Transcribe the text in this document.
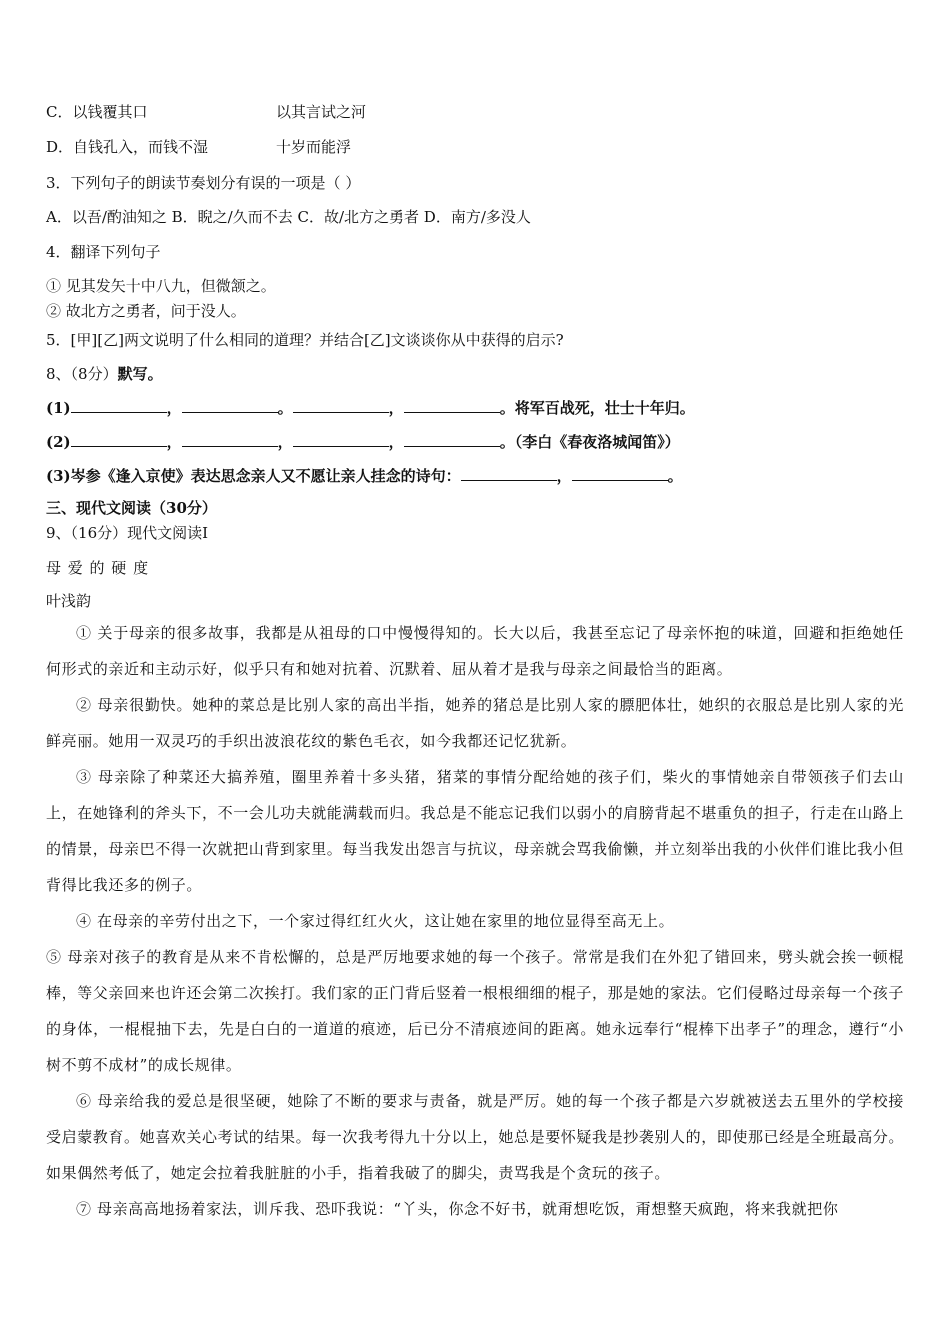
C．以钱覆其口	以其言试之河
D．自钱孔入，而钱不湿	十岁而能浮
3．下列句子的朗读节奏划分有误的一项是（ ）
A．以吾/酌油知之 B．睨之/久而不去 C．故/北方之勇者 D．南方/多没人
4．翻译下列句子
① 见其发矢十中八九，但微颔之。
② 故北方之勇者，问于没人。
5．[甲][乙]两文说明了什么相同的道理？并结合[乙]文谈谈你从中获得的启示?
8、（8分）默写。
(1)	，	。	，	。将军百战死，壮士十年归。
(2)	，	，	，	。（李白《春夜洛城闻笛》）
(3)岑参《逢入京使》表达思念亲人又不愿让亲人挂念的诗句：	，	。
三、现代文阅读（30分）
9、（16分）现代文阅读Ⅰ
母 爱 的 硬 度
叶浅韵
① 关于母亲的很多故事，我都是从祖母的口中慢慢得知的。长大以后，我甚至忘记了母亲怀抱的味道，回避和拒绝她任何形式的亲近和主动示好，似乎只有和她对抗着、沉默着、屈从着才是我与母亲之间最恰当的距离。
② 母亲很勤快。她种的菜总是比别人家的高出半指，她养的猪总是比别人家的膘肥体壮，她织的衣服总是比别人家的光鲜亮丽。她用一双灵巧的手织出波浪花纹的紫色毛衣，如今我都还记忆犹新。
③ 母亲除了种菜还大搞养殖，圈里养着十多头猪，猪菜的事情分配给她的孩子们，柴火的事情她亲自带领孩子们去山上，在她锋利的斧头下，不一会儿功夫就能满载而归。我总是不能忘记我们以弱小的肩膀背起不堪重负的担子，行走在山路上的情景，母亲巴不得一次就把山背到家里。每当我发出怨言与抗议，母亲就会骂我偷懒，并立刻举出我的小伙伴们谁比我小但背得比我还多的例子。
④ 在母亲的辛劳付出之下，一个家过得红红火火，这让她在家里的地位显得至高无上。
⑤ 母亲对孩子的教育是从来不肯松懈的，总是严厉地要求她的每一个孩子。常常是我们在外犯了错回来，劈头就会挨一顿棍棒，等父亲回来也许还会第二次挨打。我们家的正门背后竖着一根根细细的棍子，那是她的家法。它们侵略过母亲每一个孩子的身体，一棍棍抽下去，先是白白的一道道的痕迹，后已分不清痕迹间的距离。她永远奉行“棍棒下出孝子”的理念，遵行“小树不剪不成材”的成长规律。
⑥ 母亲给我的爱总是很坚硬，她除了不断的要求与责备，就是严厉。她的每一个孩子都是六岁就被送去五里外的学校接受启蒙教育。她喜欢关心考试的结果。每一次我考得九十分以上，她总是要怀疑我是抄袭别人的，即使那已经是全班最高分。如果偶然考低了，她定会拉着我脏脏的小手，指着我破了的脚尖，责骂我是个贪玩的孩子。
⑦ 母亲高高地扬着家法，训斥我、恐吓我说：“丫头，你念不好书，就甭想吃饭，甭想整天疯跑，将来我就把你
